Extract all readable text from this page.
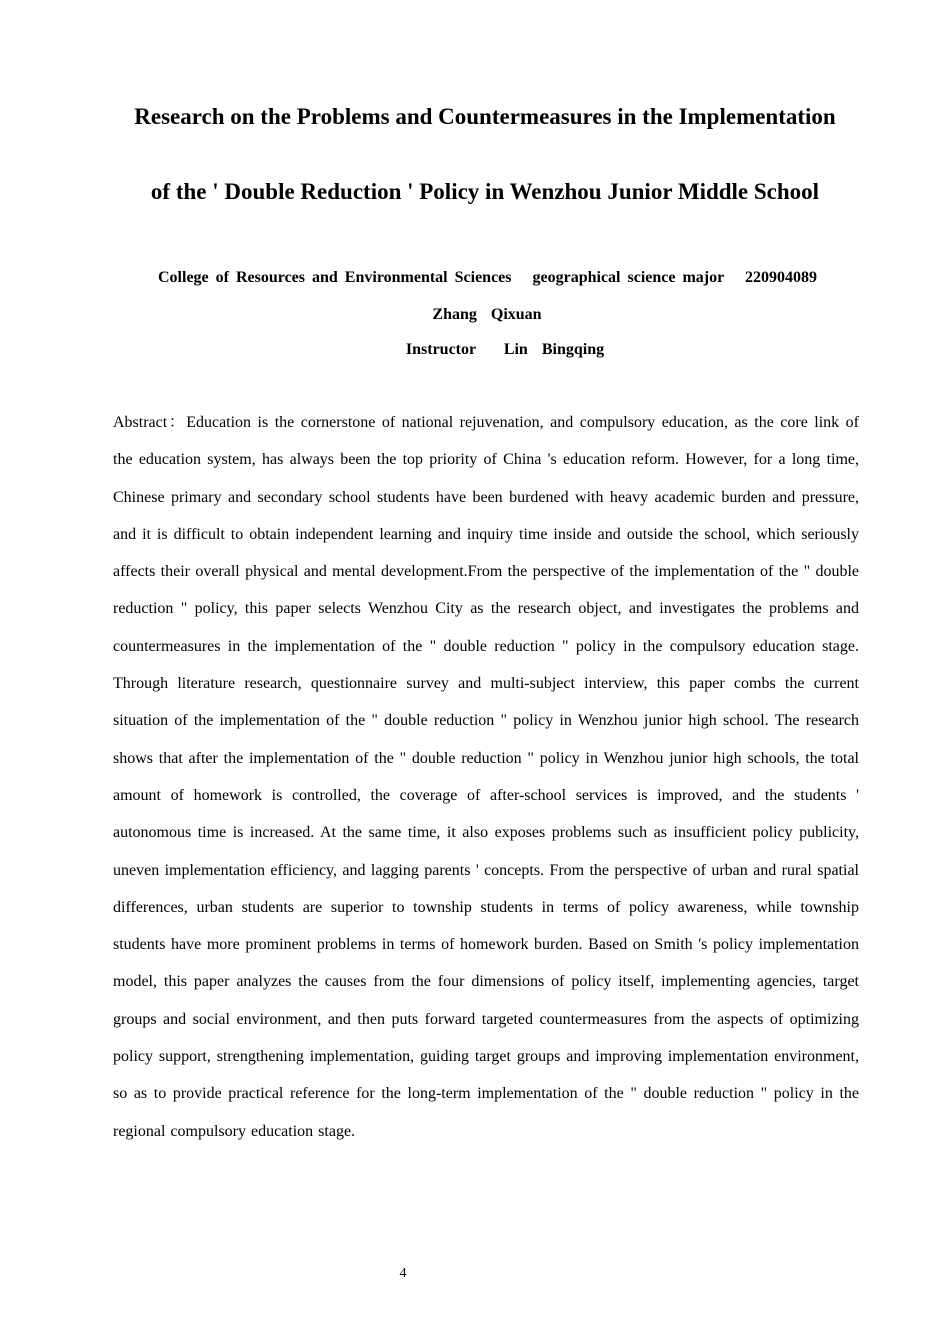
Research on the Problems and Countermeasures in the Implementation
of the ' Double Reduction ' Policy in Wenzhou Junior Middle School
College of Resources and Environmental Sciences   geographical science major   220904089
Zhang  Qixuan
Instructor    Lin  Bingqing
Abstract：Education is the cornerstone of national rejuvenation, and compulsory education, as the core link of the education system, has always been the top priority of China 's education reform. However, for a long time, Chinese primary and secondary school students have been burdened with heavy academic burden and pressure, and it is difficult to obtain independent learning and inquiry time inside and outside the school, which seriously affects their overall physical and mental development.From the perspective of the implementation of the " double reduction " policy, this paper selects Wenzhou City as the research object, and investigates the problems and countermeasures in the implementation of the " double reduction " policy in the compulsory education stage. Through literature research, questionnaire survey and multi-subject interview, this paper combs the current situation of the implementation of the " double reduction " policy in Wenzhou junior high school. The research shows that after the implementation of the " double reduction " policy in Wenzhou junior high schools, the total amount of homework is controlled, the coverage of after-school services is improved, and the students ' autonomous time is increased. At the same time, it also exposes problems such as insufficient policy publicity, uneven implementation efficiency, and lagging parents ' concepts. From the perspective of urban and rural spatial differences, urban students are superior to township students in terms of policy awareness, while township students have more prominent problems in terms of homework burden. Based on Smith 's policy implementation model, this paper analyzes the causes from the four dimensions of policy itself, implementing agencies, target groups and social environment, and then puts forward targeted countermeasures from the aspects of optimizing policy support, strengthening implementation, guiding target groups and improving implementation environment, so as to provide practical reference for the long-term implementation of the " double reduction " policy in the regional compulsory education stage.
4
